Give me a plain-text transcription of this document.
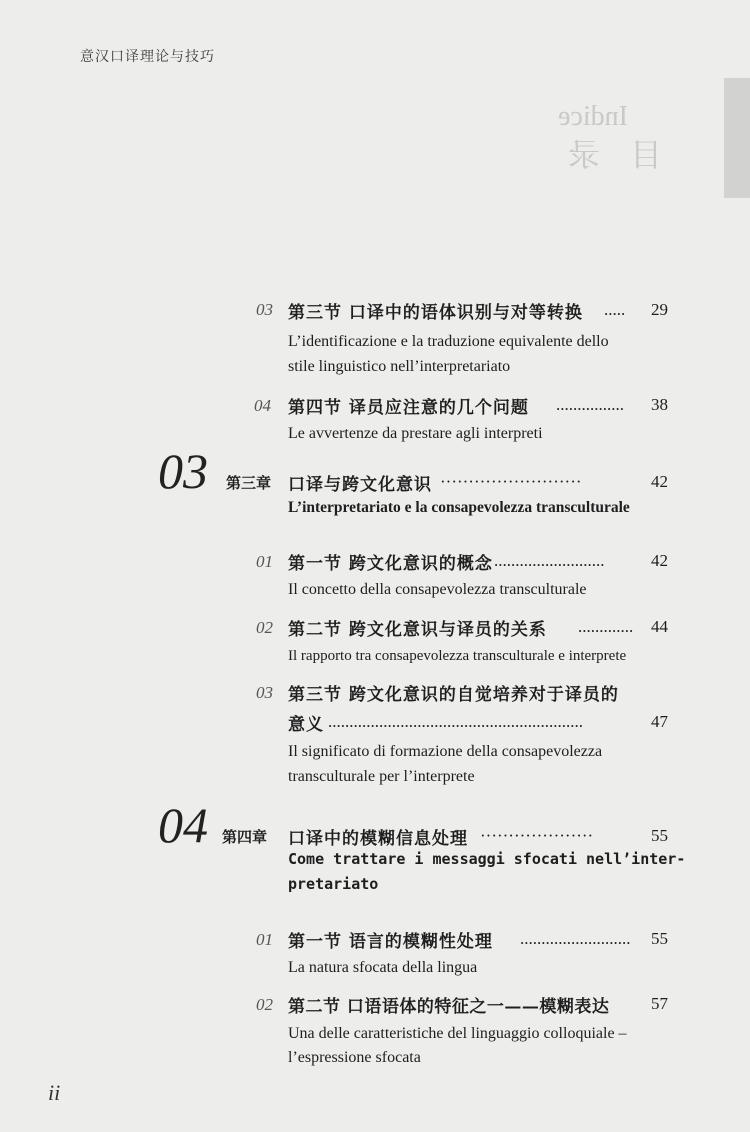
意汉口译理论与技巧
Indice
目 录
03 第三节 口译中的语体识别与对等转换 .....	29
L’identificazione e la traduzione equivalente dello
stile linguistico nell’interpretariato
04 第四节 译员应注意的几个问题 ................	38
Le avvertenze da prestare agli interpreti
03 第三章 口译与跨文化意识 ·························	42
L’interpretariato e la consapevolezza transculturale
01 第一节 跨文化意识的概念 ..........................	42
Il concetto della consapevolezza transculturale
02 第二节 跨文化意识与译员的关系 .............	44
Il rapporto tra consapevolezza transculturale e interprete
03 第三节 跨文化意识的自觉培养对于译员的
意义 ............................................................	47
Il significato di formazione della consapevolezza
transculturale per l’interprete
04 第四章 口译中的模糊信息处理 ····················	55
Come trattare i messaggi sfocati nell’inter-
pretariato
01 第一节 语言的模糊性处理 ..........................	55
La natura sfocata della lingua
02 第二节 口语语体的特征之一——模糊表达	57
Una delle caratteristiche del linguaggio colloquiale –
l’espressione sfocata
ii
